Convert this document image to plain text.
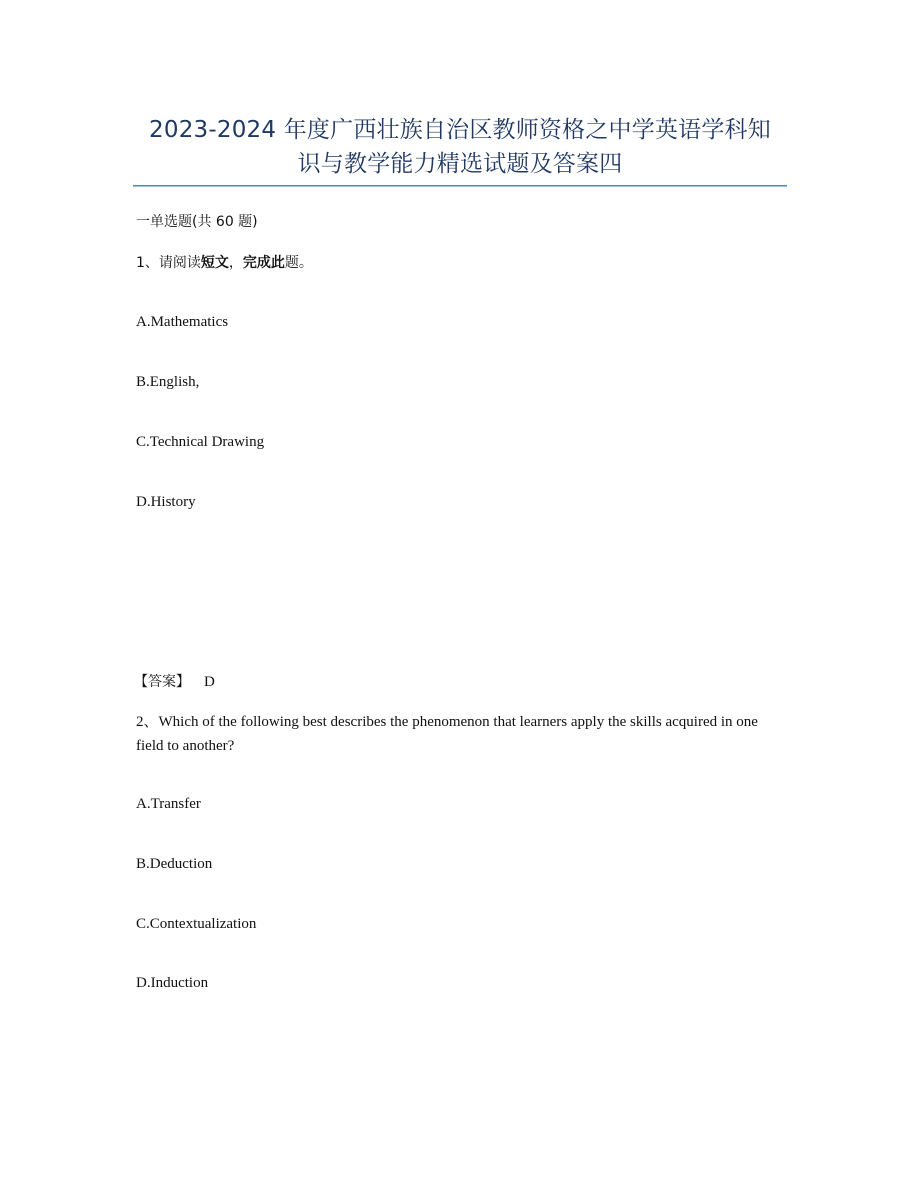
2023-2024 年度广西壮族自治区教师资格之中学英语学科知
识与教学能力精选试题及答案四
一单选题(共 60 题)
1、请阅读短文，完成此题。
A.Mathematics
B.English,
C.Technical Drawing
D.History
【答案】 D
2、Which of the following best describes the phenomenon that learners apply the skills acquired in one field to another?
A.Transfer
B.Deduction
C.Contextualization
D.Induction
